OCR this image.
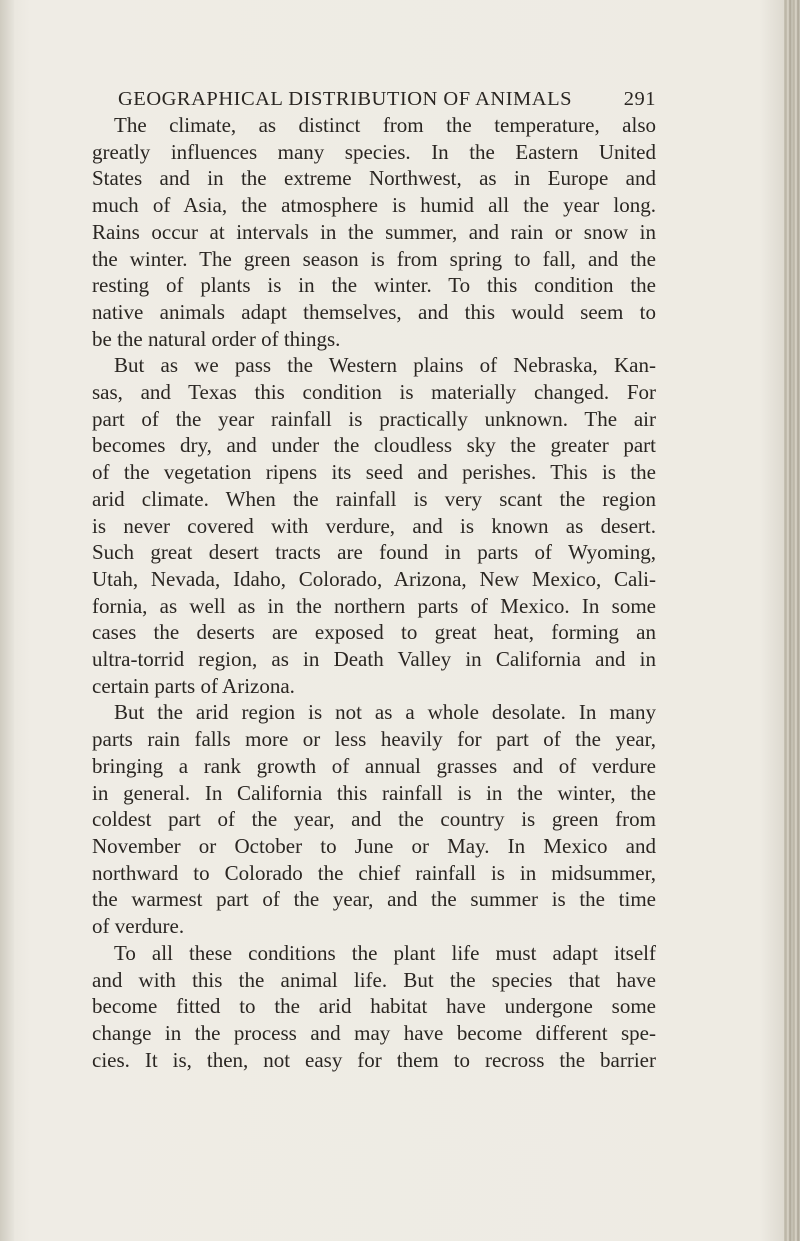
GEOGRAPHICAL DISTRIBUTION OF ANIMALS	291
The climate, as distinct from the temperature, also
greatly influences many species. In the Eastern United
States and in the extreme Northwest, as in Europe and
much of Asia, the atmosphere is humid all the year long.
Rains occur at intervals in the summer, and rain or snow in
the winter. The green season is from spring to fall, and the
resting of plants is in the winter. To this condition the
native animals adapt themselves, and this would seem to
be the natural order of things.
But as we pass the Western plains of Nebraska, Kan-
sas, and Texas this condition is materially changed. For
part of the year rainfall is practically unknown. The air
becomes dry, and under the cloudless sky the greater part
of the vegetation ripens its seed and perishes. This is the
arid climate. When the rainfall is very scant the region
is never covered with verdure, and is known as desert.
Such great desert tracts are found in parts of Wyoming,
Utah, Nevada, Idaho, Colorado, Arizona, New Mexico, Cali-
fornia, as well as in the northern parts of Mexico. In some
cases the deserts are exposed to great heat, forming an
ultra-torrid region, as in Death Valley in California and in
certain parts of Arizona.
But the arid region is not as a whole desolate. In many
parts rain falls more or less heavily for part of the year,
bringing a rank growth of annual grasses and of verdure
in general. In California this rainfall is in the winter, the
coldest part of the year, and the country is green from
November or October to June or May. In Mexico and
northward to Colorado the chief rainfall is in midsummer,
the warmest part of the year, and the summer is the time
of verdure.
To all these conditions the plant life must adapt itself
and with this the animal life. But the species that have
become fitted to the arid habitat have undergone some
change in the process and may have become different spe-
cies. It is, then, not easy for them to recross the barrier
